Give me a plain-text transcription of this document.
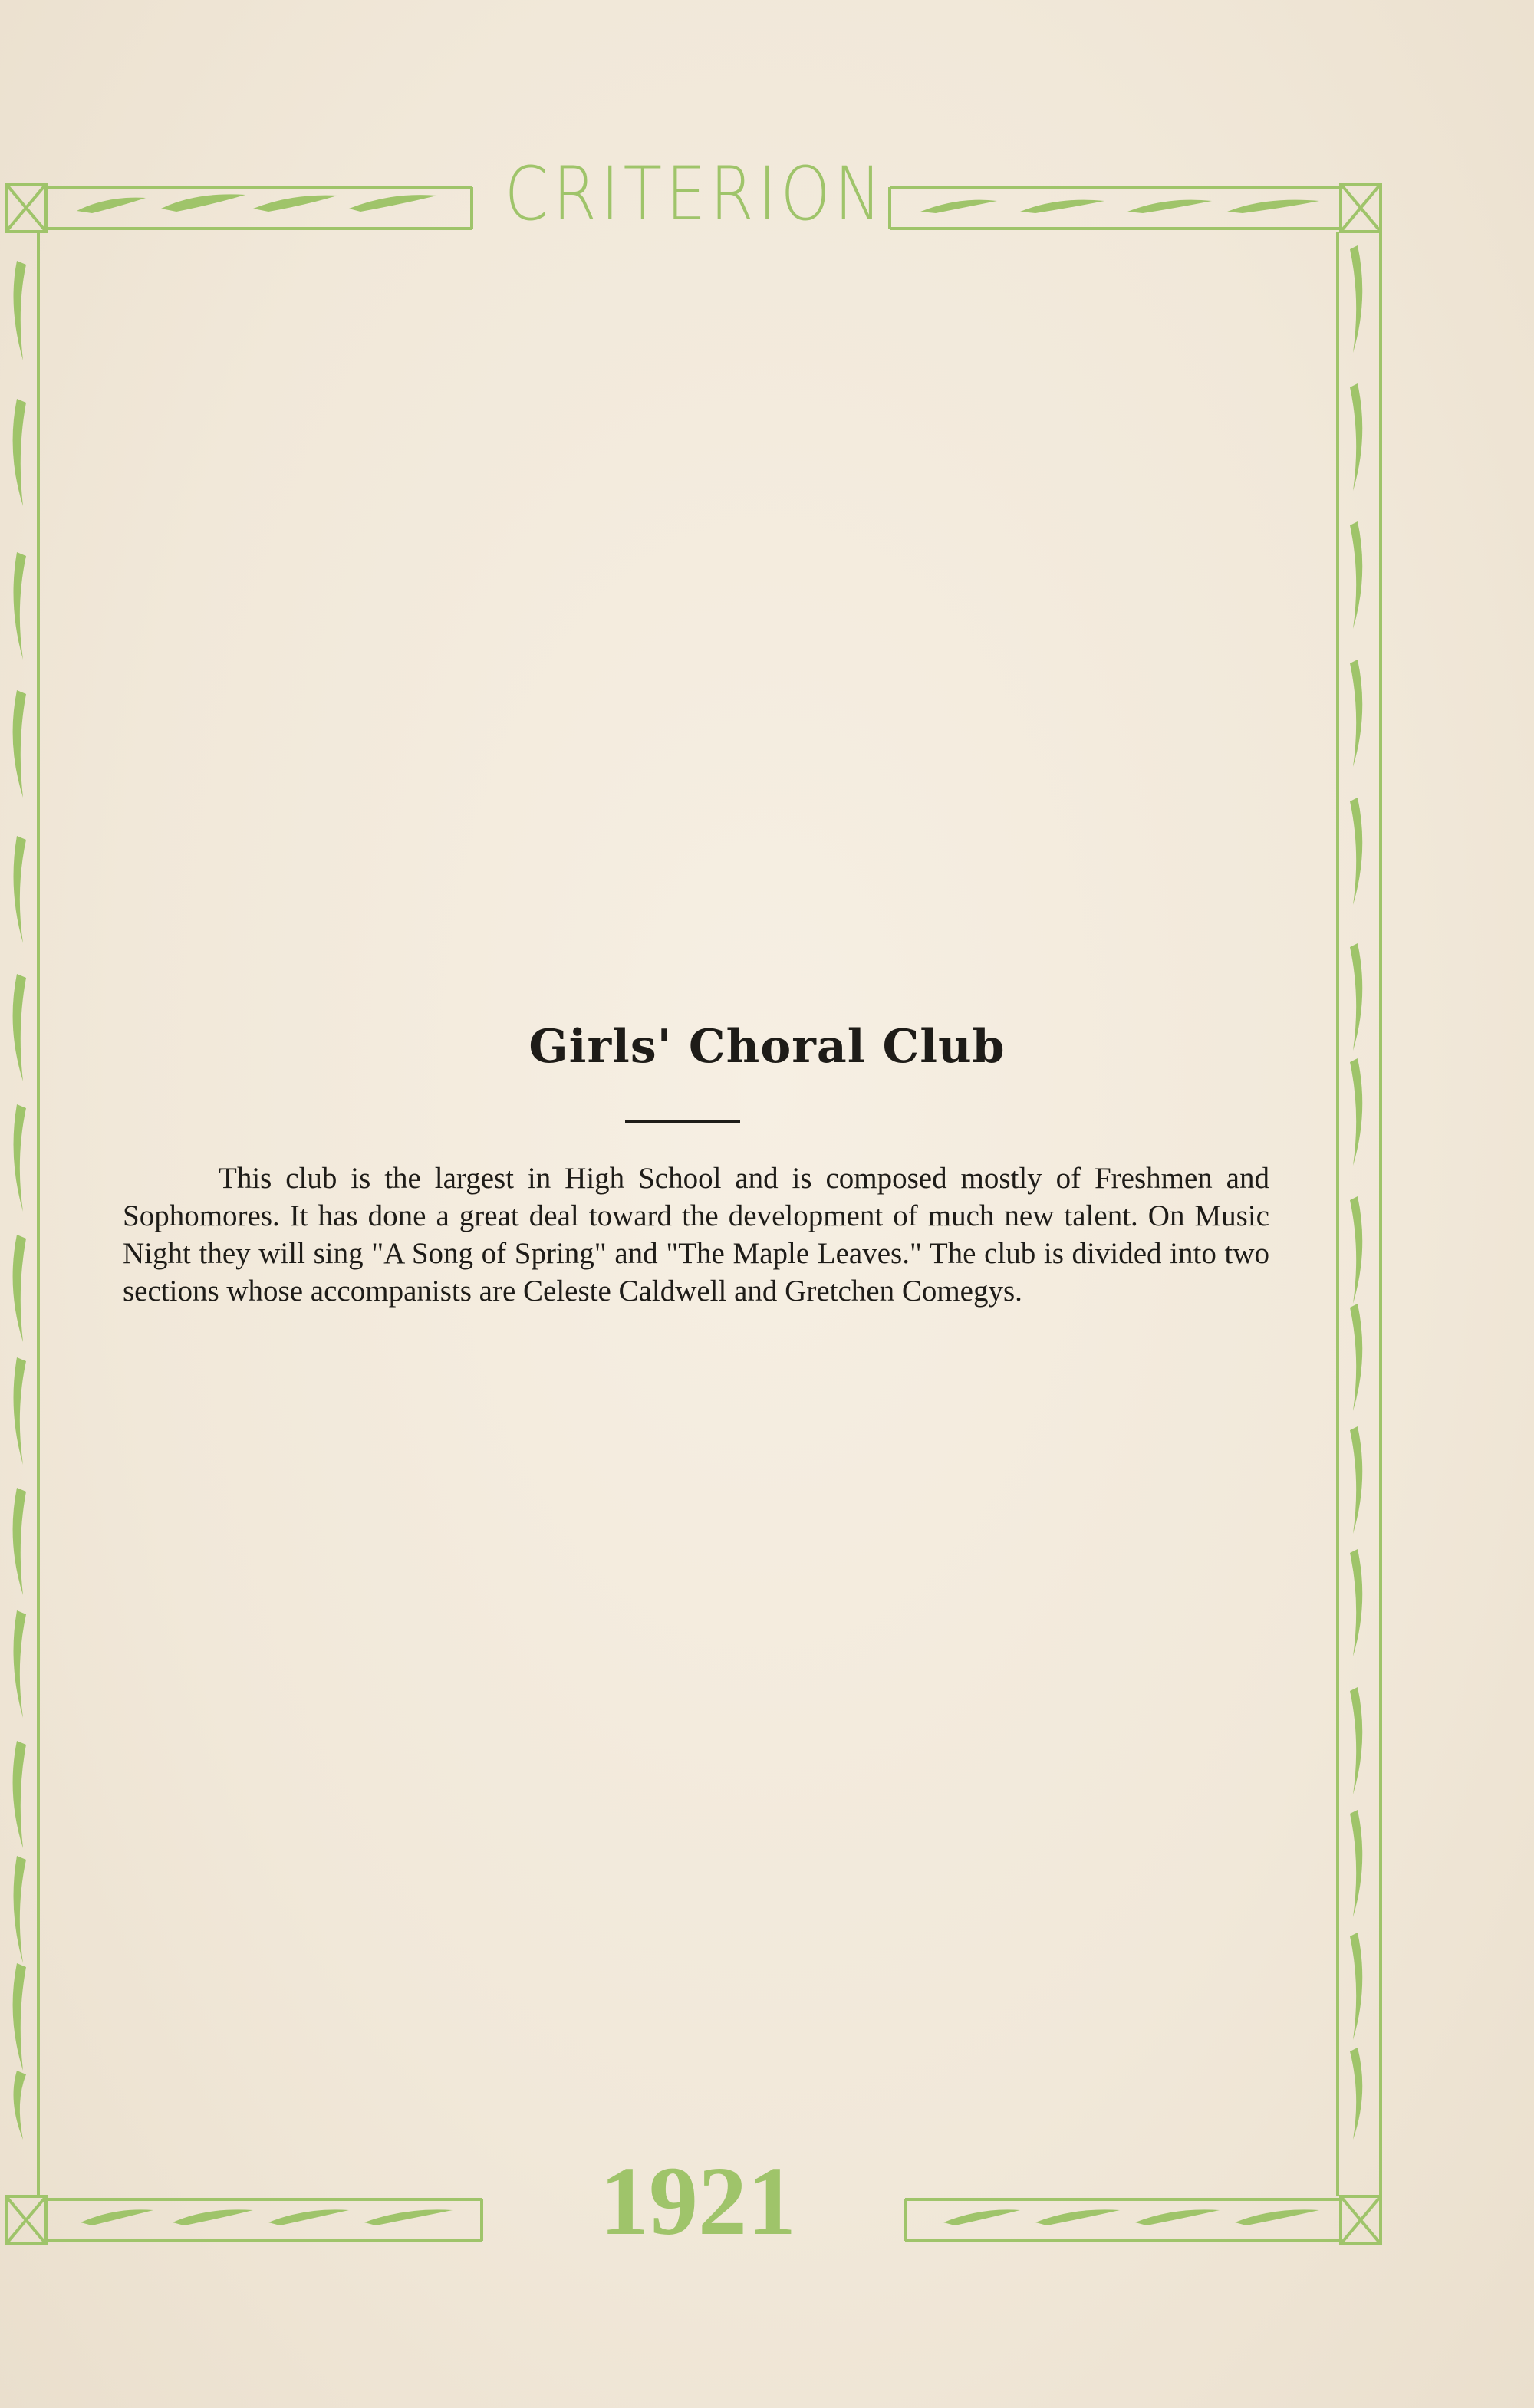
CRITERION
Girls' Choral Club
This club is the largest in High School and is composed mostly of Freshmen and Sophomores. It has done a great deal toward the development of much new talent. On Music Night they will sing "A Song of Spring" and "The Maple Leaves." The club is divided into two sections whose accompanists are Celeste Caldwell and Gretchen Comegys.
1921
